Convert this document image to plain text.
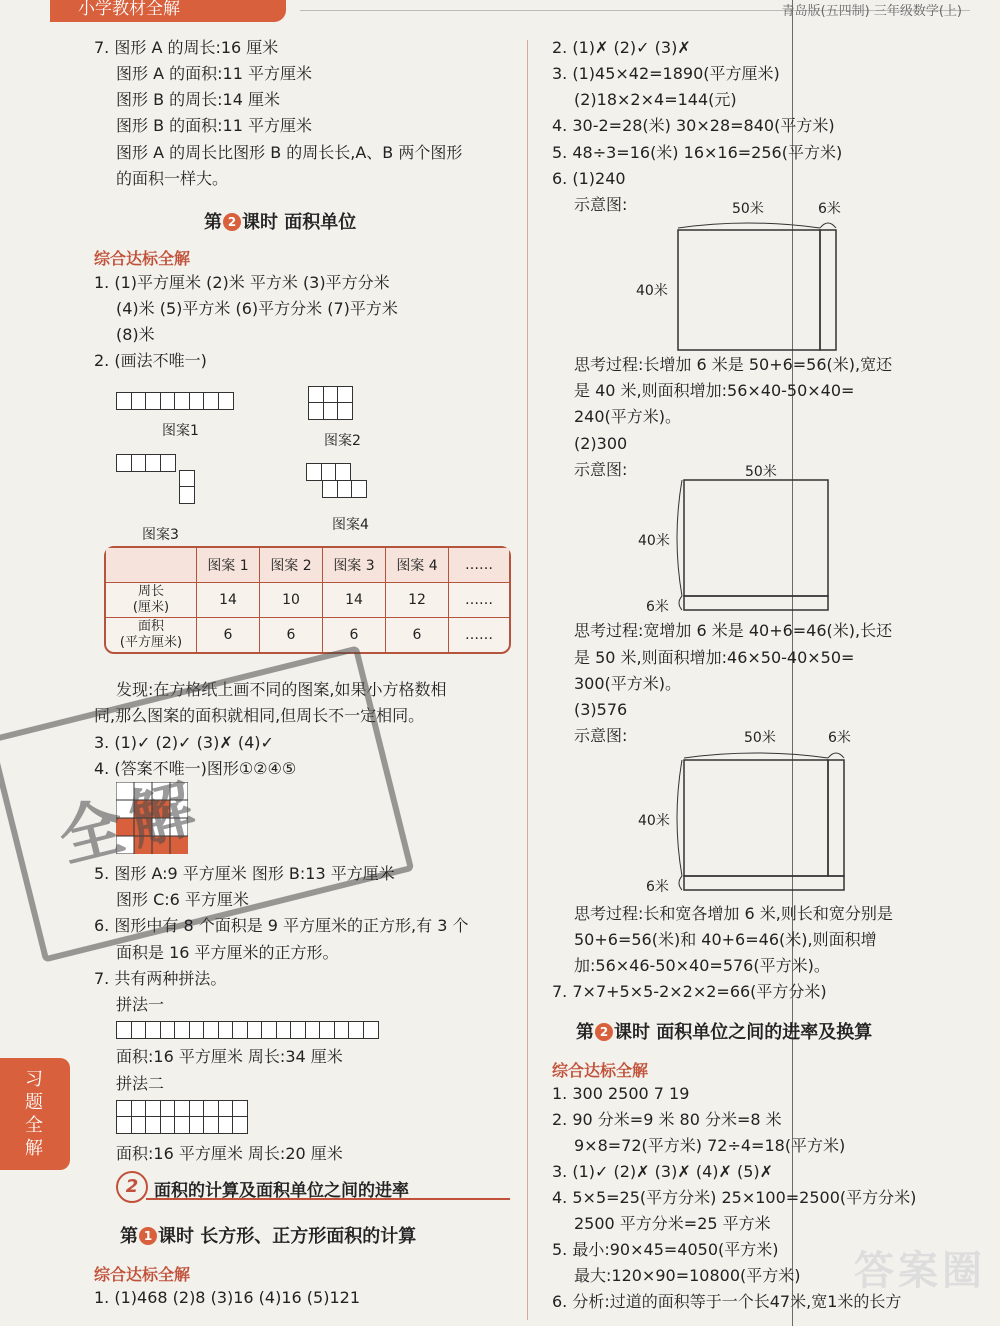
小学教材全解	青岛版(五四制) 三年级数学(上)
7. 图形 A 的周长:16 厘米
图形 A 的面积:11 平方厘米
图形 B 的周长:14 厘米
图形 B 的面积:11 平方厘米
图形 A 的周长比图形 B 的周长长,A、B 两个图形
的面积一样大。
第 2 课时 面积单位
综合达标全解
1. (1)平方厘米 (2)米 平方米 (3)平方分米
(4)米 (5)平方米 (6)平方分米 (7)平方米
(8)米
2. (画法不唯一)
图案1
图案2
图案3
图案4
	图案 1	图案 2	图案 3	图案 4	……
周长
(厘米)	14	10	14	12	……
面积
(平方厘米)	6	6	6	6	……
发现:在方格纸上画不同的图案,如果小方格数相
同,那么图案的面积就相同,但周长不一定相同。
3. (1)✓ (2)✓ (3)✗ (4)✓
4. (答案不唯一)图形①②④⑤
全解
5. 图形 A:9 平方厘米 图形 B:13 平方厘米
图形 C:6 平方厘米
6. 图形中有 8 个面积是 9 平方厘米的正方形,有 3 个
面积是 16 平方厘米的正方形。
7. 共有两种拼法。
拼法一
面积:16 平方厘米 周长:34 厘米
拼法二
面积:16 平方厘米 周长:20 厘米
2 面积的计算及面积单位之间的进率
第 1 课时 长方形、正方形面积的计算
综合达标全解
1. (1)468 (2)8 (3)16 (4)16 (5)121
习题全解
2. (1)✗ (2)✓ (3)✗
3. (1)45×42=1890(平方厘米)
(2)18×2×4=144(元)
4. 30-2=28(米) 30×28=840(平方米)
5. 48÷3=16(米) 16×16=256(平方米)
6. (1)240
示意图:	50米	6米
40米
思考过程:长增加 6 米是 50+6=56(米),宽还
是 40 米,则面积增加:56×40-50×40=
240(平方米)。
(2)300
示意图:	50米
40米
6米
思考过程:宽增加 6 米是 40+6=46(米),长还
是 50 米,则面积增加:46×50-40×50=
300(平方米)。
(3)576
示意图:	50米	6米
40米
6米
思考过程:长和宽各增加 6 米,则长和宽分别是
50+6=56(米)和 40+6=46(米),则面积增
加:56×46-50×40=576(平方米)。
7. 7×7+5×5-2×2×2=66(平方分米)
第 2 课时 面积单位之间的进率及换算
综合达标全解
1. 300 2500 7 19
2. 90 分米=9 米 80 分米=8 米
9×8=72(平方米) 72÷4=18(平方米)
3. (1)✓ (2)✗ (3)✗ (4)✗ (5)✗
4. 5×5=25(平方分米) 25×100=2500(平方分米)
2500 平方分米=25 平方米
5. 最小:90×45=4050(平方米)
最大:120×90=10800(平方米)
6. 分析:过道的面积等于一个长47米,宽1米的长方
答案圈
